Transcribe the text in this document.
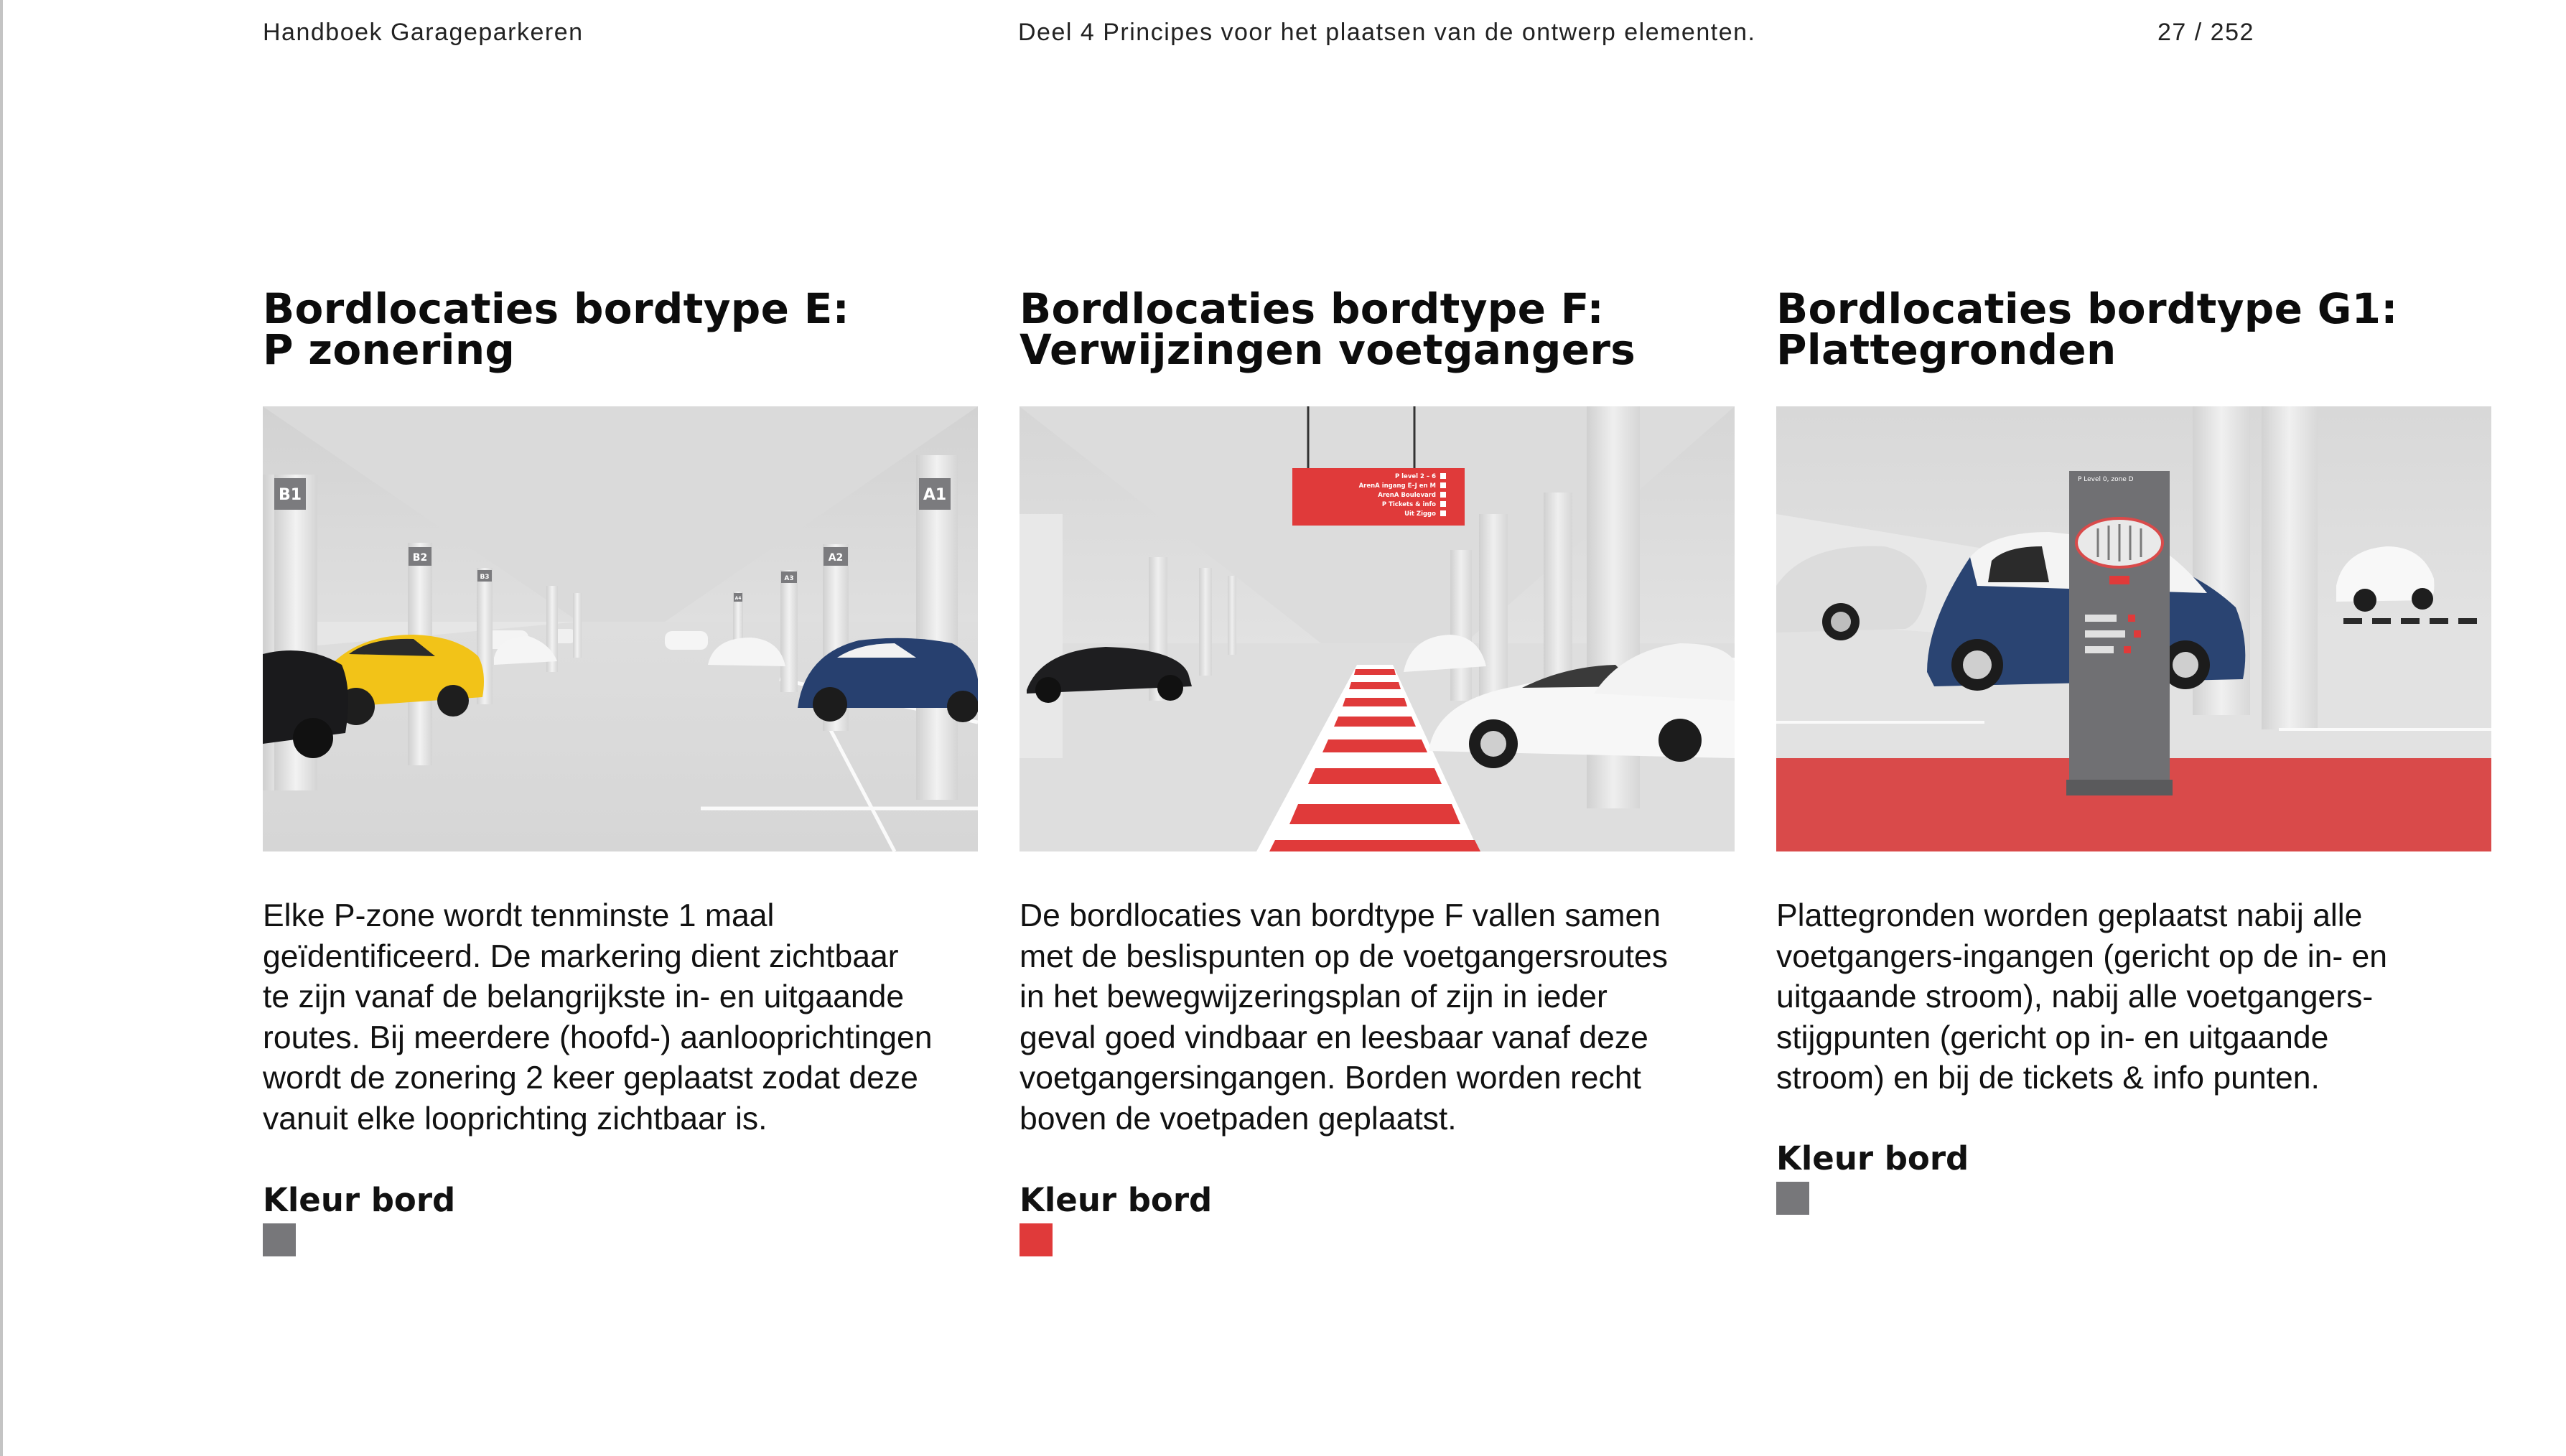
Handboek Garageparkeren	Deel 4 Principes voor het plaatsen van de ontwerp elementen.	27 / 252
Bordlocaties bordtype E:
P zonering
B1	A1
B2
B3
A2
A3
A4
Elke P-zone wordt tenminste 1 maal
geïdentificeerd. De markering dient zichtbaar
te zijn vanaf de belangrijkste in- en uitgaande
routes. Bij meerdere (hoofd-) aanlooprichtingen
wordt de zonering 2 keer geplaatst zodat deze
vanuit elke looprichting zichtbaar is.
Kleur bord
Bordlocaties bordtype F:
Verwijzingen voetgangers
P level 2 – 6
ArenA ingang E–J en M
ArenA Boulevard
P Tickets & info
Uit Ziggo
De bordlocaties van bordtype F vallen samen
met de beslispunten op de voetgangersroutes
in het bewegwijzeringsplan of zijn in ieder
geval goed vindbaar en leesbaar vanaf deze
voetgangersingangen. Borden worden recht
boven de voetpaden geplaatst.
Kleur bord
Bordlocaties bordtype G1:
Plattegronden
P Level 0, zone D
Plattegronden worden geplaatst nabij alle
voetgangers-ingangen (gericht op de in- en
uitgaande stroom), nabij alle voetgangers-
stijgpunten (gericht op in- en uitgaande
stroom) en bij de tickets & info punten.
Kleur bord
